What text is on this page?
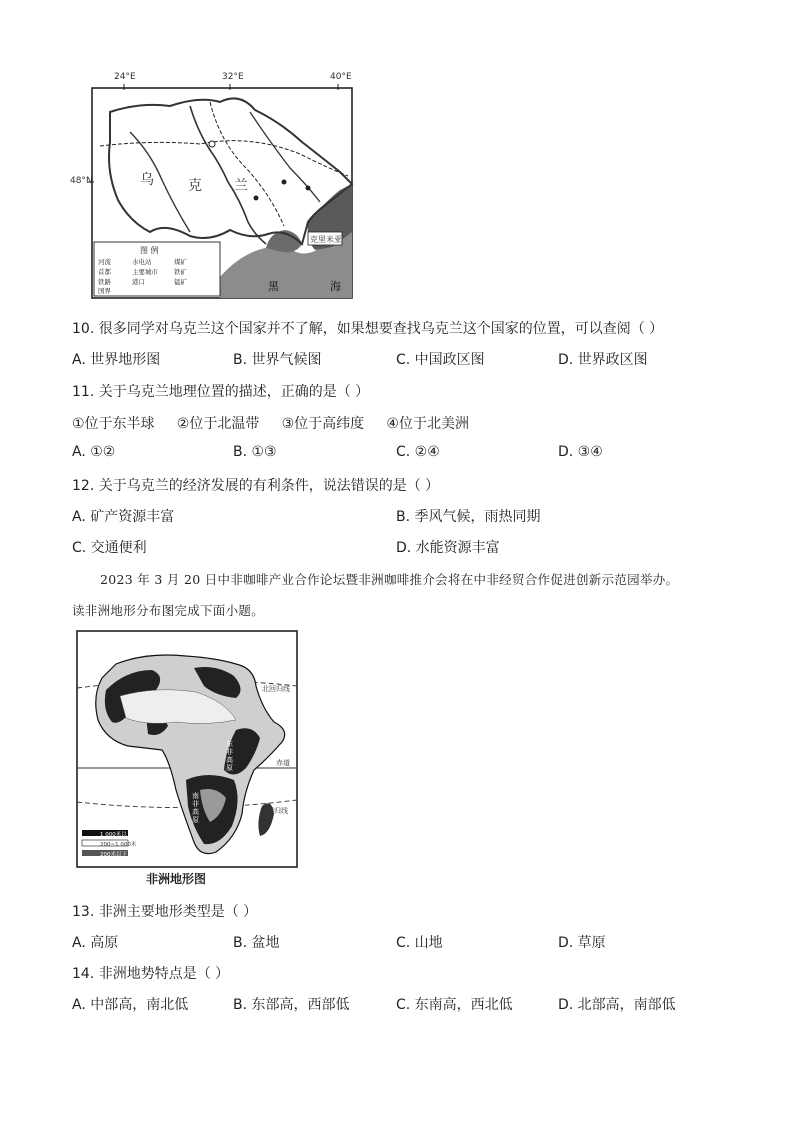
乌 克 兰
克里米亚
黑	海
图 例
河流
首都
铁路
国界
水电站
主要城市
港口
煤矿
铁矿
锰矿
24°E	32°E	40°E
48°N
10. 很多同学对乌克兰这个国家并不了解，如果想要查找乌克兰这个国家的位置，可以查阅（ ）
A. 世界地形图	B. 世界气候图	C. 中国政区图	D. 世界政区图
11. 关于乌克兰地理位置的描述，正确的是（ ）
①位于东半球     ②位于北温带     ③位于高纬度     ④位于北美洲
A. ①②	B. ①③	C. ②④	D. ③④
12. 关于乌克兰的经济发展的有利条件，说法错误的是（ ）
A. 矿产资源丰富	B. 季风气候，雨热同期
C. 交通便利	D. 水能资源丰富
2023 年 3 月 20 日中非咖啡产业合作论坛暨非洲咖啡推介会将在中非经贸合作促进创新示范园举办。
读非洲地形分布图完成下面小题。
北回归线
赤道
南回归线
东非高原
南非高原
1 000米以上
200~1 000米
200米以下
非洲地形图
13. 非洲主要地形类型是（ ）
A. 高原	B. 盆地	C. 山地	D. 草原
14. 非洲地势特点是（ ）
A. 中部高，南北低	B. 东部高，西部低	C. 东南高，西北低	D. 北部高，南部低
